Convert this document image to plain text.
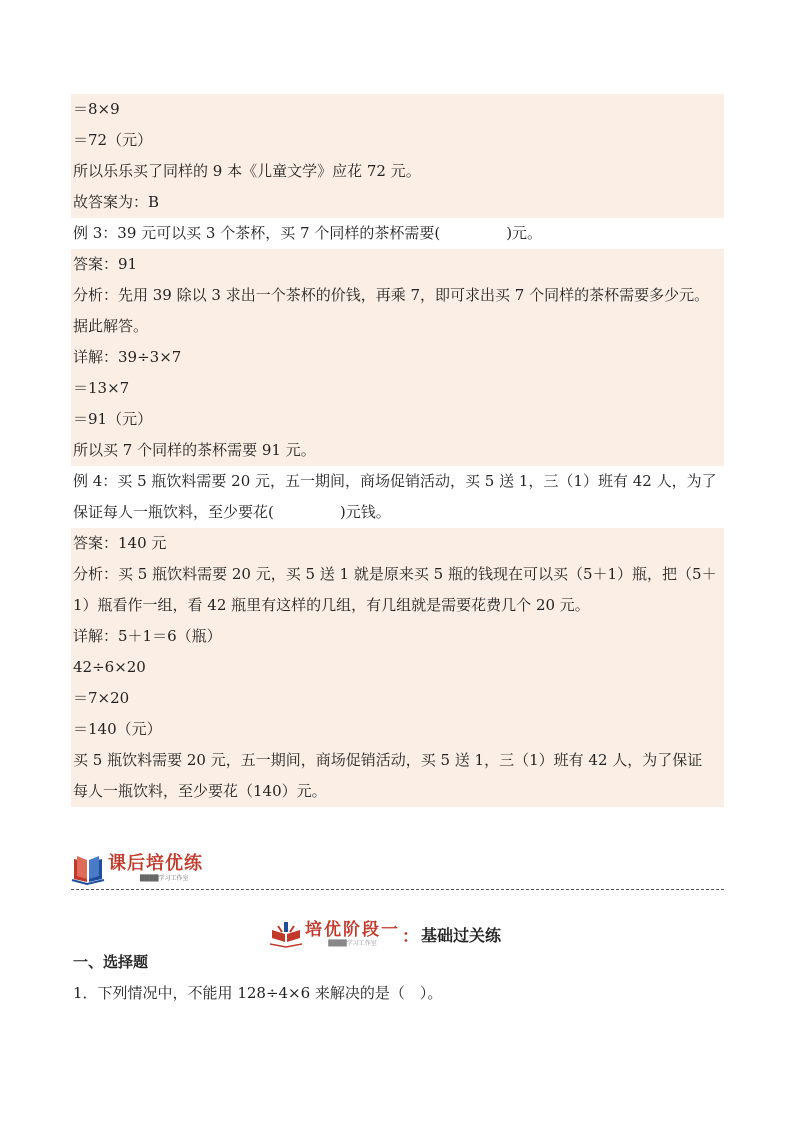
＝8×9
＝72（元）
所以乐乐买了同样的 9 本《儿童文学》应花 72 元。
故答案为：B
例 3：39 元可以买 3 个茶杯，买 7 个同样的茶杯需要(	)元。
答案：91
分析：先用 39 除以 3 求出一个茶杯的价钱，再乘 7，即可求出买 7 个同样的茶杯需要多少元。
据此解答。
详解：39÷3×7
＝13×7
＝91（元）
所以买 7 个同样的茶杯需要 91 元。
例 4：买 5 瓶饮料需要 20 元，五一期间，商场促销活动，买 5 送 1，三（1）班有 42 人，为了
保证每人一瓶饮料，至少要花(	)元钱。
答案：140 元
分析：买 5 瓶饮料需要 20 元，买 5 送 1 就是原来买 5 瓶的钱现在可以买（5＋1）瓶，把（5＋
1）瓶看作一组，看 42 瓶里有这样的几组，有几组就是需要花费几个 20 元。
详解：5＋1＝6（瓶）
42÷6×20
＝7×20
＝140（元）
买 5 瓶饮料需要 20 元，五一期间，商场促销活动，买 5 送 1，三（1）班有 42 人，为了保证
每人一瓶饮料，至少要花（140）元。
课后培优练
████学习工作室
培优阶段一
████学习工作室 ： 基础过关练
一、选择题
1．下列情况中，不能用 128÷4×6 来解决的是（　）。
